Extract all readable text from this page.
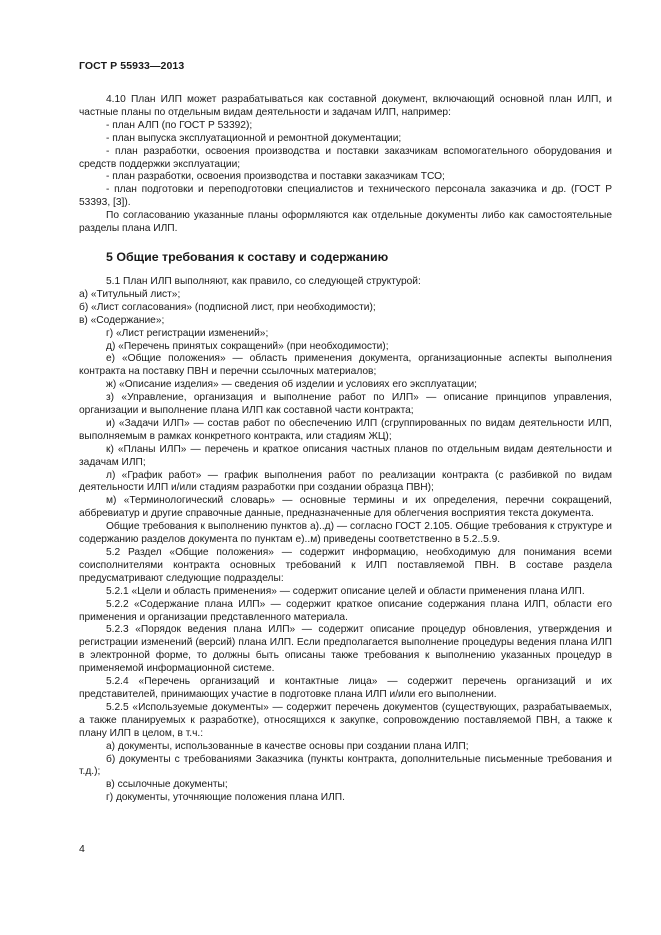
ГОСТ Р 55933—2013

4.10 План ИЛП может разрабатываться как составной документ, включающий основной план ИЛП, и частные планы по отдельным видам деятельности и задачам ИЛП, например:

- план АЛП (по ГОСТ Р 53392);

- план выпуска эксплуатационной и ремонтной документации;

- план разработки, освоения производства и поставки заказчикам вспомогательного оборудования и средств поддержки эксплуатации;

- план разработки, освоения производства и поставки заказчикам ТСО;

- план подготовки и переподготовки специалистов и технического персонала заказчика и др. (ГОСТ Р 53393, [3]).

По согласованию указанные планы оформляются как отдельные документы либо как самостоятельные разделы плана ИЛП.

5 Общие требования к составу и содержанию

5.1 План ИЛП выполняют, как правило, со следующей структурой:

а) «Титульный лист»;

б) «Лист согласования» (подписной лист, при необходимости);

в) «Содержание»;

г) «Лист регистрации изменений»;

д) «Перечень принятых сокращений» (при необходимости);

е) «Общие положения» — область применения документа, организационные аспекты выполнения контракта на поставку ПВН и перечни ссылочных материалов;

ж) «Описание изделия» — сведения об изделии и условиях его эксплуатации;

з) «Управление, организация и выполнение работ по ИЛП» — описание принципов управления, организации и выполнение плана ИЛП как составной части контракта;

и) «Задачи ИЛП» — состав работ по обеспечению ИЛП (сгруппированных по видам деятельности ИЛП, выполняемым в рамках конкретного контракта, или стадиям ЖЦ);

к) «Планы ИЛП» — перечень и краткое описания частных планов по отдельным видам деятельности и задачам ИЛП;

л) «График работ» — график выполнения работ по реализации контракта (с разбивкой по видам деятельности ИЛП и/или стадиям разработки при создании образца ПВН);

м) «Терминологический словарь» — основные термины и их определения, перечни сокращений, аббревиатур и другие справочные данные, предназначенные для облегчения восприятия текста документа.

Общие требования к выполнению пунктов а)..д) — согласно ГОСТ 2.105. Общие требования к структуре и содержанию разделов документа по пунктам е)..м) приведены соответственно в 5.2..5.9.

5.2 Раздел «Общие положения» — содержит информацию, необходимую для понимания всеми соисполнителями контракта основных требований к ИЛП поставляемой ПВН. В составе раздела предусматривают следующие подразделы:

5.2.1 «Цели и область применения» — содержит описание целей и области применения плана ИЛП.

5.2.2 «Содержание плана ИЛП» — содержит краткое описание содержания плана ИЛП, области его применения и организации представленного материала.

5.2.3 «Порядок ведения плана ИЛП» — содержит описание процедур обновления, утверждения и регистрации изменений (версий) плана ИЛП. Если предполагается выполнение процедуры ведения плана ИЛП в электронной форме, то должны быть описаны также требования к выполнению указанных процедур в применяемой информационной системе.

5.2.4 «Перечень организаций и контактные лица» — содержит перечень организаций и их представителей, принимающих участие в подготовке плана ИЛП и/или его выполнении.

5.2.5 «Используемые документы» — содержит перечень документов (существующих, разрабатываемых, а также планируемых к разработке), относящихся к закупке, сопровождению поставляемой ПВН, а также к плану ИЛП в целом, в т.ч.:

а) документы, использованные в качестве основы при создании плана ИЛП;

б) документы с требованиями Заказчика (пункты контракта, дополнительные письменные требования и т.д.);

в) ссылочные документы;

г) документы, уточняющие положения плана ИЛП.

4
